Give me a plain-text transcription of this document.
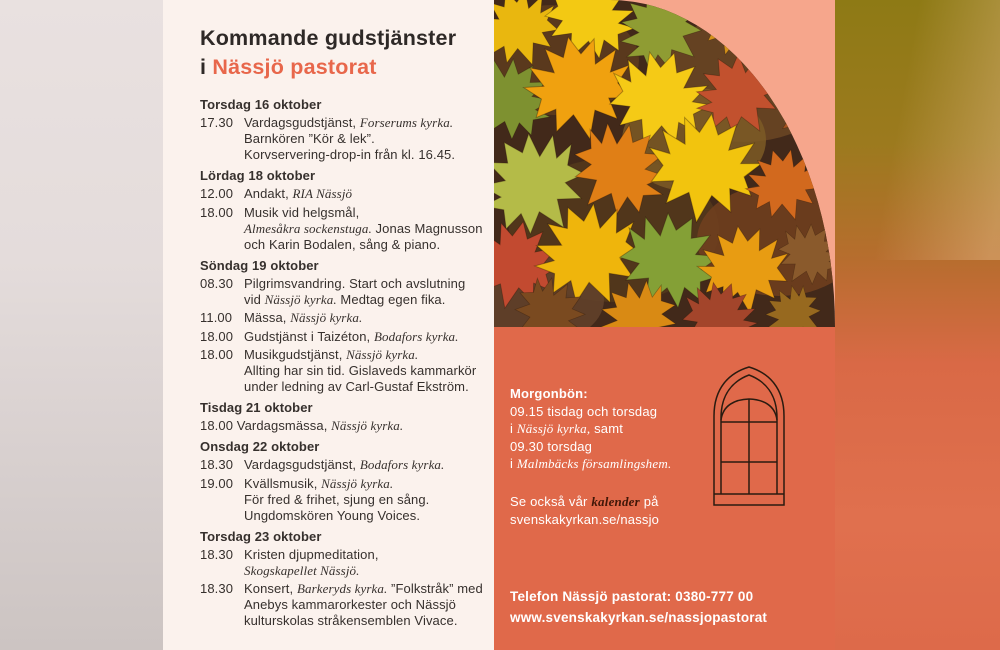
Kommande gudstjänster
i Nässjö pastorat
Torsdag 16 oktober
17.30 Vardagsgudstjänst, Forserums kyrka.
Barnkören ”Kör & lek”.
Korvservering-drop-in från kl. 16.45.
Lördag 18 oktober
12.00 Andakt, RIA Nässjö
18.00 Musik vid helgsmål,
Almesåkra sockenstuga. Jonas Magnusson
och Karin Bodalen, sång & piano.
Söndag 19 oktober
08.30 Pilgrimsvandring. Start och avslutning
vid Nässjö kyrka. Medtag egen fika.
11.00 Mässa, Nässjö kyrka.
18.00 Gudstjänst i Taizéton, Bodafors kyrka.
18.00 Musikgudstjänst, Nässjö kyrka.
Allting har sin tid. Gislaveds kammarkör
under ledning av Carl-Gustaf Ekström.
Tisdag 21 oktober
18.00 Vardagsmässa, Nässjö kyrka.
Onsdag 22 oktober
18.30 Vardagsgudstjänst, Bodafors kyrka.
19.00 Kvällsmusik, Nässjö kyrka.
För fred & frihet, sjung en sång.
Ungdomskören Young Voices.
Torsdag 23 oktober
18.30 Kristen djupmeditation,
Skogskapellet Nässjö.
18.30 Konsert, Barkeryds kyrka. ”Folkstråk” med
Anebys kammarorkester och Nässjö
kulturskolas stråkensemblen Vivace.
Morgonbön:
09.15 tisdag och torsdag
i Nässjö kyrka, samt
09.30 torsdag
i Malmbäcks församlingshem.
Se också vår kalender på
svenskakyrkan.se/nassjo
Telefon Nässjö pastorat: 0380-777 00
www.svenskakyrkan.se/nassjopastorat
